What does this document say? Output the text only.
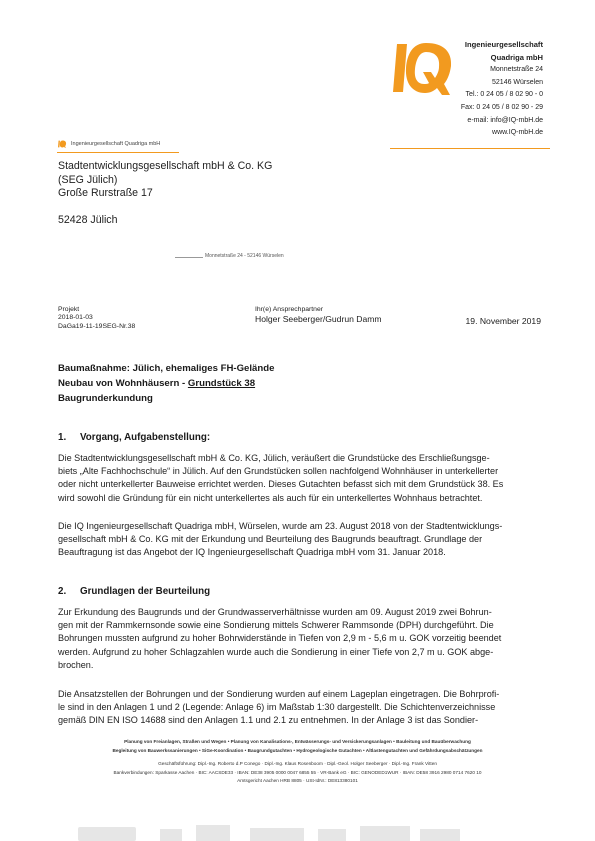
Ingenieurgesellschaft
Quadriga mbH
Monnetstraße 24
52146 Würselen
Tel.: 0 24 05 / 8 02 90 - 0
Fax: 0 24 05 / 8 02 90 - 29
e-mail: info@IQ-mbH.de
www.IQ-mbH.de
Ingenieurgesellschaft Quadriga mbH
Stadtentwicklungsgesellschaft mbH & Co. KG
(SEG Jülich)
Große Rurstraße 17
52428 Jülich
Monnetstraße 24 - 52146 Würselen
Projekt
2018-01-03
DaGa19-11-19SEG-Nr.38
Ihr(e) Ansprechpartner
Holger Seeberger/Gudrun Damm	19. November 2019
Baumaßnahme: Jülich, ehemaliges FH-Gelände
Neubau von Wohnhäusern - Grundstück 38
Baugrunderkundung
1. Vorgang, Aufgabenstellung:
Die Stadtentwicklungsgesellschaft mbH & Co. KG, Jülich, veräußert die Grundstücke des Erschließungsge-
biets „Alte Fachhochschule“ in Jülich. Auf den Grundstücken sollen nachfolgend Wohnhäuser in unterkellerter
oder nicht unterkellerter Bauweise errichtet werden. Dieses Gutachten befasst sich mit dem Grundstück 38. Es
wird sowohl die Gründung für ein nicht unterkellertes als auch für ein unterkellertes Wohnhaus betrachtet.
Die IQ Ingenieurgesellschaft Quadriga mbH, Würselen, wurde am 23. August 2018 von der Stadtentwicklungs-
gesellschaft mbH & Co. KG mit der Erkundung und Beurteilung des Baugrunds beauftragt. Grundlage der
Beauftragung ist das Angebot der IQ Ingenieurgesellschaft Quadriga mbH vom 31. Januar 2018.
2. Grundlagen der Beurteilung
Zur Erkundung des Baugrunds und der Grundwasserverhältnisse wurden am 09. August 2019 zwei Bohrun-
gen mit der Rammkernsonde sowie eine Sondierung mittels Schwerer Rammsonde (DPH) durchgeführt. Die
Bohrungen mussten aufgrund zu hoher Bohrwiderstände in Tiefen von 2,9 m - 5,6 m u. GOK vorzeitig beendet
werden. Aufgrund zu hoher Schlagzahlen wurde auch die Sondierung in einer Tiefe von 2,7 m u. GOK abge-
brochen.
Die Ansatzstellen der Bohrungen und der Sondierung wurden auf einem Lageplan eingetragen. Die Bohrprofi-
le sind in den Anlagen 1 und 2 (Legende: Anlage 6) im Maßstab 1:30 dargestellt. Die Schichtenverzeichnisse
gemäß DIN EN ISO 14688 sind den Anlagen 1.1 und 2.1 zu entnehmen. In der Anlage 3 ist das Sondier-
Planung von Freianlagen, Straßen und Wegen • Planung von Kanalisations-, Entwässerungs- und Versickerungsanlagen • Bauleitung und Bauüberwachung
Begleitung von Bauwerkssanierungen • SiGe-Koordination • Baugrundgutachten • Hydrogeologische Gutachten • Altlastengutachten und Gefährdungsabschätzungen
Geschäftsführung: Dipl.-Ing. Roberto d.P Conego · Dipl.-Ing. Klaus Rosenboom · Dipl.-Geol. Holger Seeberger · Dipl.-Ing. Frank Vitten
Bankverbindungen: Sparkasse Aachen · BIC: AACSDE33 · IBAN: DE38 3905 0000 0047 6855 55 · VR-Bank eG · BIC: GENODED1WUR · IBAN: DE58 3916 2980 0714 7620 10
Amtsgericht Aachen HRB 8805 · USt-IdNr.: DE813380101
